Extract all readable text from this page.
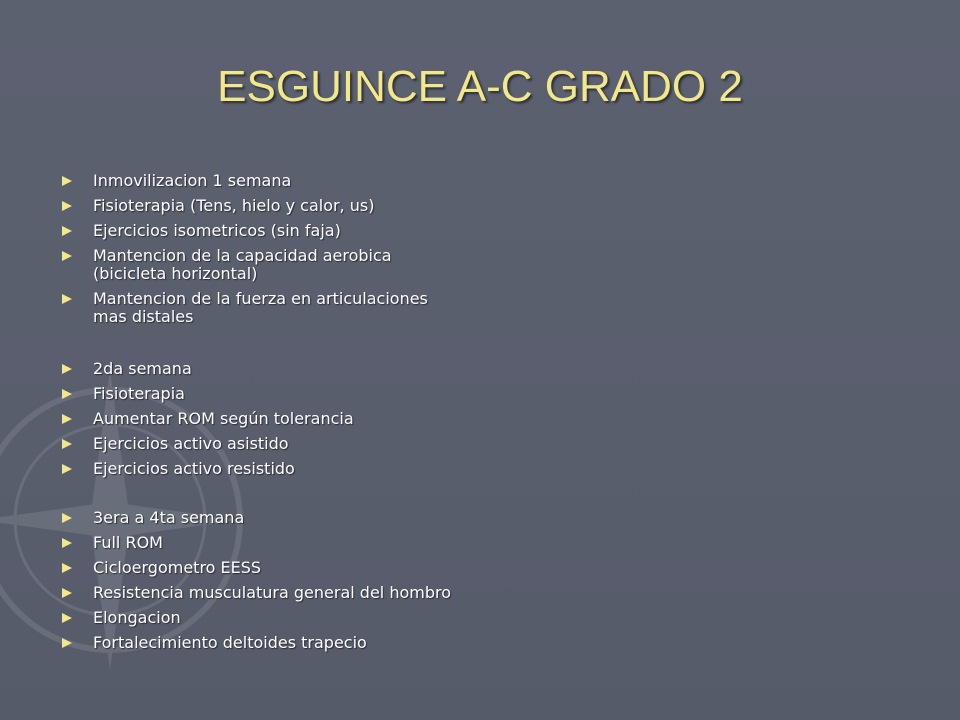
ESGUINCE A-C GRADO 2
Inmovilizacion 1 semana
Fisioterapia (Tens, hielo y calor, us)
Ejercicios isometricos (sin faja)
Mantencion de la capacidad aerobica
(bicicleta horizontal)
Mantencion de la fuerza en articulaciones
mas distales
2da semana
Fisioterapia
Aumentar ROM según tolerancia
Ejercicios activo asistido
Ejercicios activo resistido
3era a 4ta semana
Full ROM
Cicloergometro EESS
Resistencia musculatura general del hombro
Elongacion
Fortalecimiento deltoides trapecio
